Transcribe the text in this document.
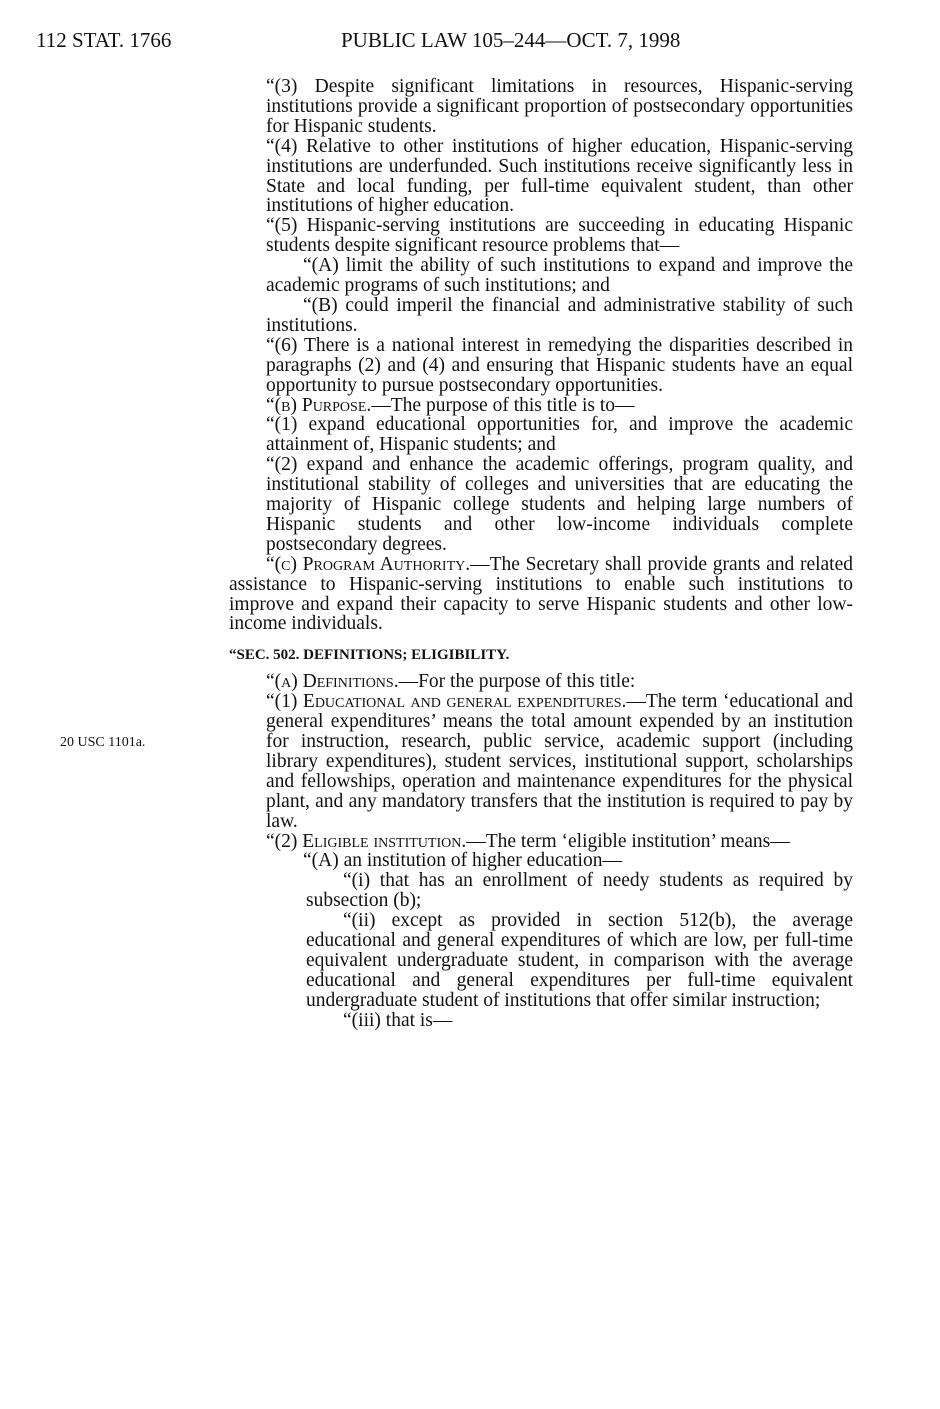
112 STAT. 1766	PUBLIC LAW 105–244—OCT. 7, 1998
20 USC 1101a.

“(3) Despite significant limitations in resources, Hispanic-serving institutions provide a significant proportion of postsecondary opportunities for Hispanic students.

“(4) Relative to other institutions of higher education, Hispanic-serving institutions are underfunded. Such institutions receive significantly less in State and local funding, per full-time equivalent student, than other institutions of higher education.

“(5) Hispanic-serving institutions are succeeding in educating Hispanic students despite significant resource problems that—

“(A) limit the ability of such institutions to expand and improve the academic programs of such institutions; and

“(B) could imperil the financial and administrative stability of such institutions.

“(6) There is a national interest in remedying the disparities described in paragraphs (2) and (4) and ensuring that Hispanic students have an equal opportunity to pursue postsecondary opportunities.

“(b) Purpose.—The purpose of this title is to—

“(1) expand educational opportunities for, and improve the academic attainment of, Hispanic students; and

“(2) expand and enhance the academic offerings, program quality, and institutional stability of colleges and universities that are educating the majority of Hispanic college students and helping large numbers of Hispanic students and other low-income individuals complete postsecondary degrees.

“(c) Program Authority.—The Secretary shall provide grants and related assistance to Hispanic-serving institutions to enable such institutions to improve and expand their capacity to serve Hispanic students and other low-income individuals.

“SEC. 502. DEFINITIONS; ELIGIBILITY.

“(a) Definitions.—For the purpose of this title:

“(1) Educational and general expenditures.—The term ‘educational and general expenditures’ means the total amount expended by an institution for instruction, research, public service, academic support (including library expenditures), student services, institutional support, scholarships and fellowships, operation and maintenance expenditures for the physical plant, and any mandatory transfers that the institution is required to pay by law.

“(2) Eligible institution.—The term ‘eligible institution’ means—

“(A) an institution of higher education—

“(i) that has an enrollment of needy students as required by subsection (b);

“(ii) except as provided in section 512(b), the average educational and general expenditures of which are low, per full-time equivalent undergraduate student, in comparison with the average educational and general expenditures per full-time equivalent undergraduate student of institutions that offer similar instruction;

“(iii) that is—
